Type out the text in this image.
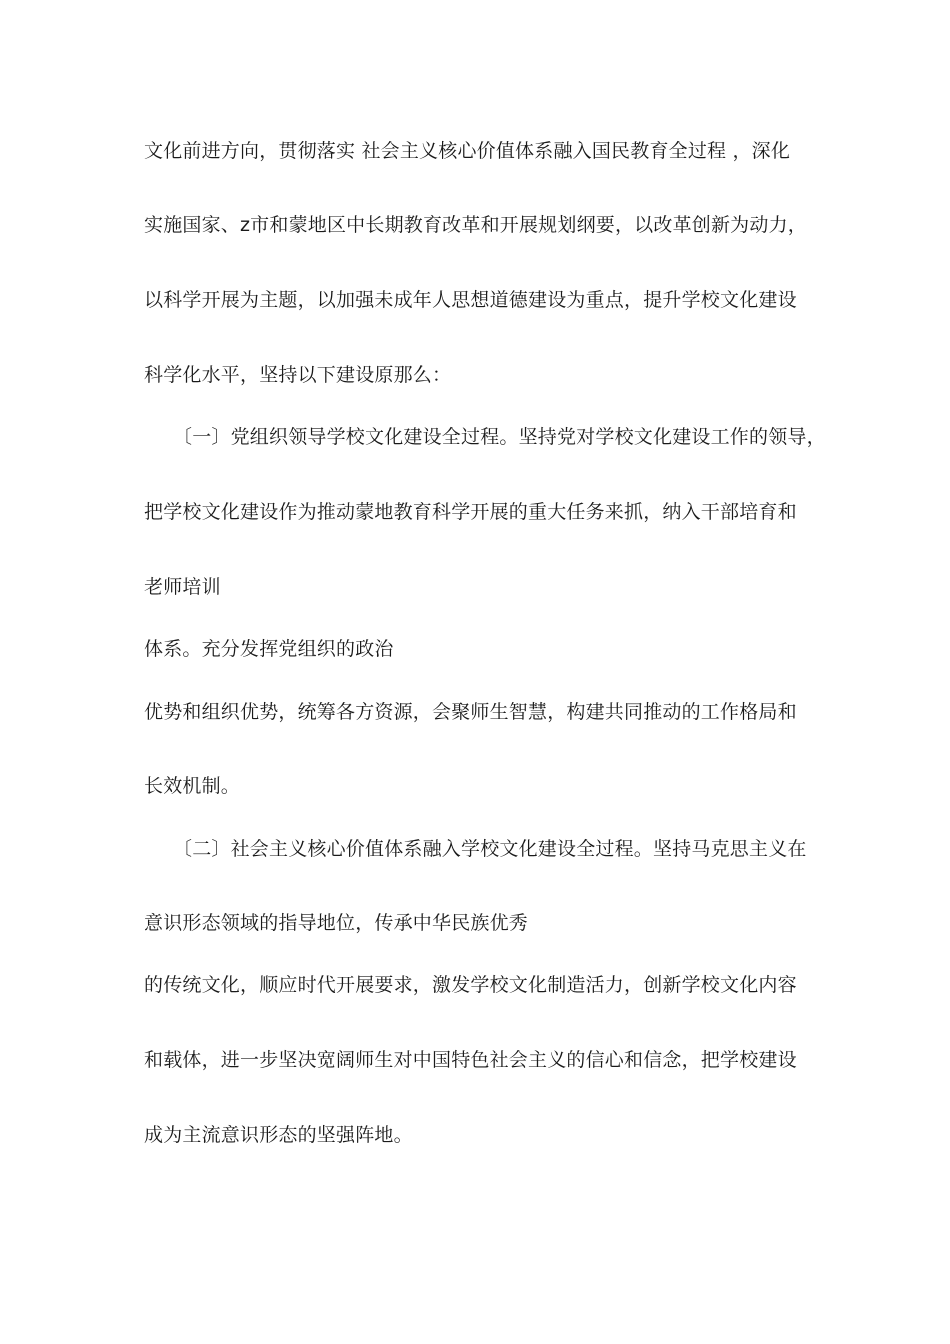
文化前进方向，贯彻落实 社会主义核心价值体系融入国民教育全过程 ，深化
实施国家、z市和蒙地区中长期教育改革和开展规划纲要，以改革创新为动力，
以科学开展为主题，以加强未成年人思想道德建设为重点，提升学校文化建设
科学化水平，坚持以下建设原那么：
〔一〕党组织领导学校文化建设全过程。坚持党对学校文化建设工作的领导，
把学校文化建设作为推动蒙地教育科学开展的重大任务来抓，纳入干部培育和
老师培训
体系。充分发挥党组织的政治
优势和组织优势，统筹各方资源，会聚师生智慧，构建共同推动的工作格局和
长效机制。
〔二〕社会主义核心价值体系融入学校文化建设全过程。坚持马克思主义在
意识形态领域的指导地位，传承中华民族优秀
的传统文化，顺应时代开展要求，激发学校文化制造活力，创新学校文化内容
和载体，进一步坚决宽阔师生对中国特色社会主义的信心和信念，把学校建设
成为主流意识形态的坚强阵地。
